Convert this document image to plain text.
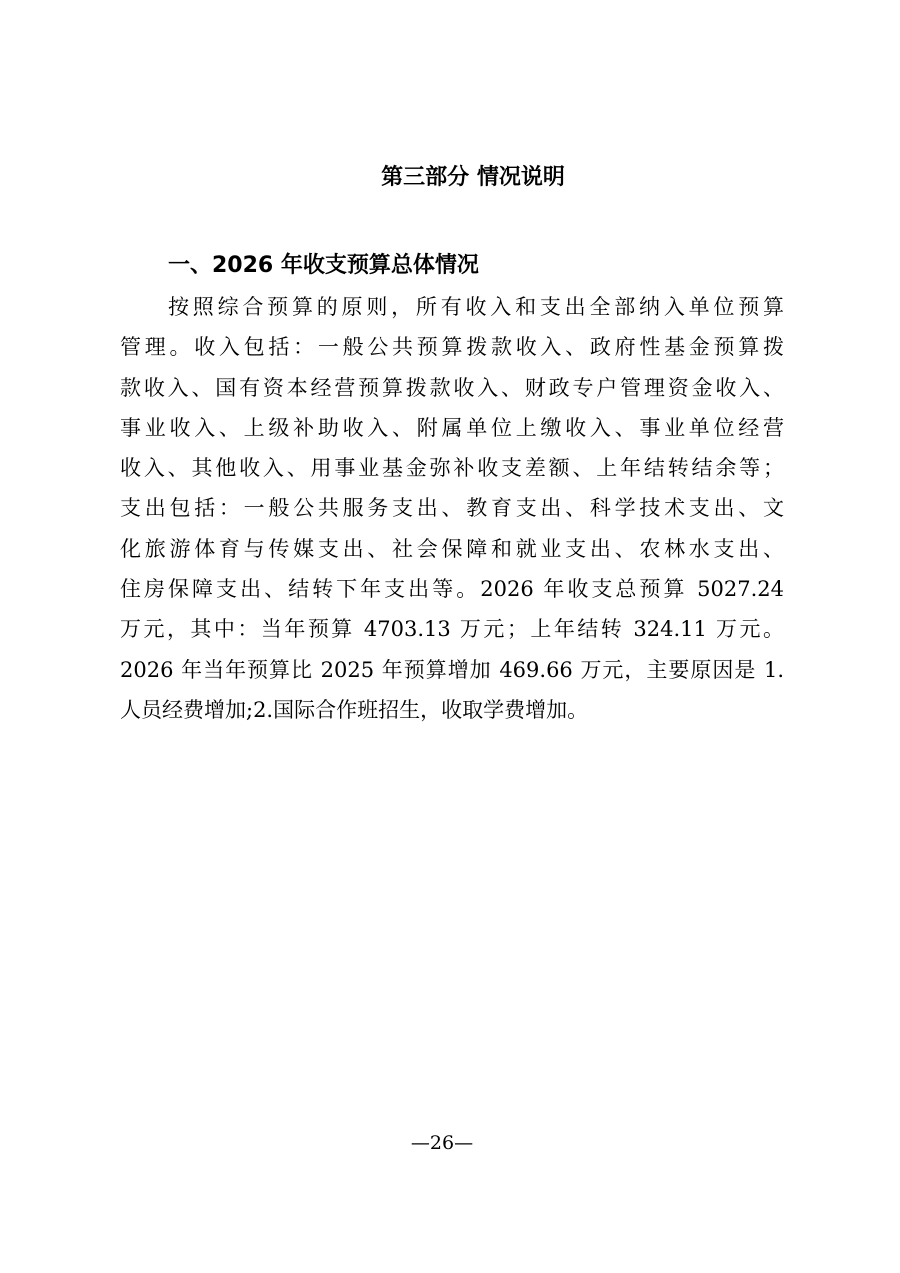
第三部分 情况说明
一、2026 年收支预算总体情况

按照综合预算的原则，所有收入和支出全部纳入单位预算
管理。收入包括：一般公共预算拨款收入、政府性基金预算拨
款收入、国有资本经营预算拨款收入、财政专户管理资金收入、
事业收入、上级补助收入、附属单位上缴收入、事业单位经营
收入、其他收入、用事业基金弥补收支差额、上年结转结余等；
支出包括：一般公共服务支出、教育支出、科学技术支出、文
化旅游体育与传媒支出、社会保障和就业支出、农林水支出、
住房保障支出、结转下年支出等。2026 年收支总预算 5027.24
万元，其中：当年预算 4703.13 万元；上年结转 324.11 万元。
2026 年当年预算比 2025 年预算增加 469.66 万元，主要原因是 1.
人员经费增加;2.国际合作班招生，收取学费增加。

—26—
